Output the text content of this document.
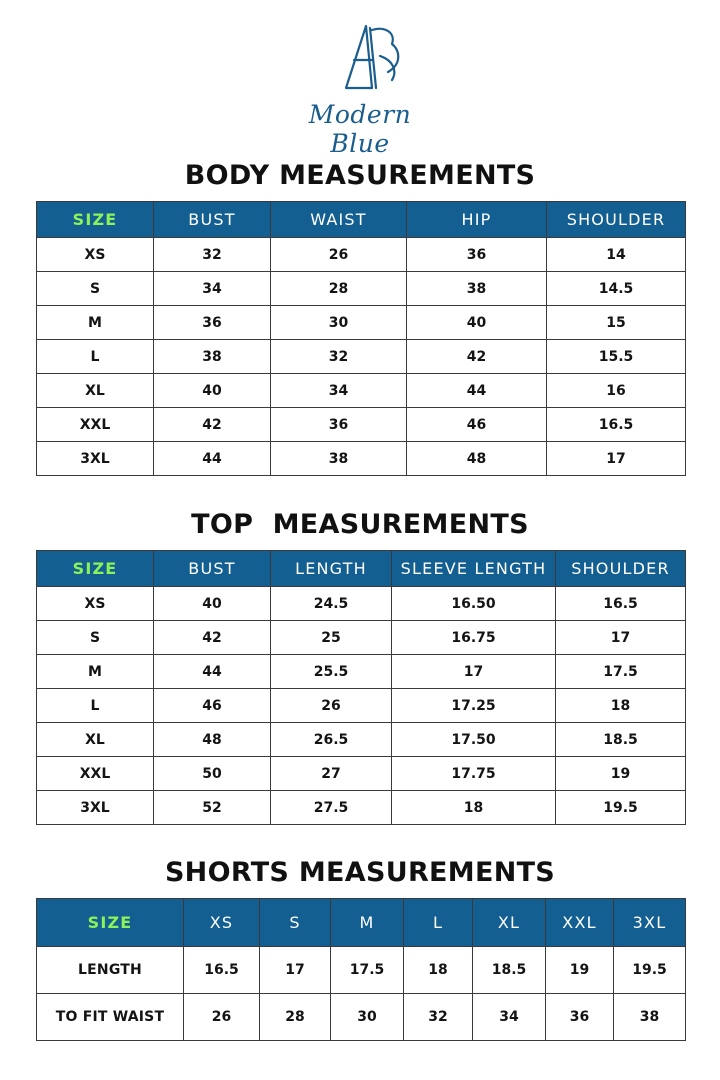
Modern Blue
BODY MEASUREMENTS
SIZE	BUST	WAIST	HIP	SHOULDER
XS	32	26	36	14
S	34	28	38	14.5
M	36	30	40	15
L	38	32	42	15.5
XL	40	34	44	16
XXL	42	36	46	16.5
3XL	44	38	48	17
TOP  MEASUREMENTS
SIZE	BUST	LENGTH	SLEEVE LENGTH	SHOULDER
XS	40	24.5	16.50	16.5
S	42	25	16.75	17
M	44	25.5	17	17.5
L	46	26	17.25	18
XL	48	26.5	17.50	18.5
XXL	50	27	17.75	19
3XL	52	27.5	18	19.5
SHORTS MEASUREMENTS
SIZE	XS	S	M	L	XL	XXL	3XL
LENGTH	16.5	17	17.5	18	18.5	19	19.5
TO FIT WAIST	26	28	30	32	34	36	38
